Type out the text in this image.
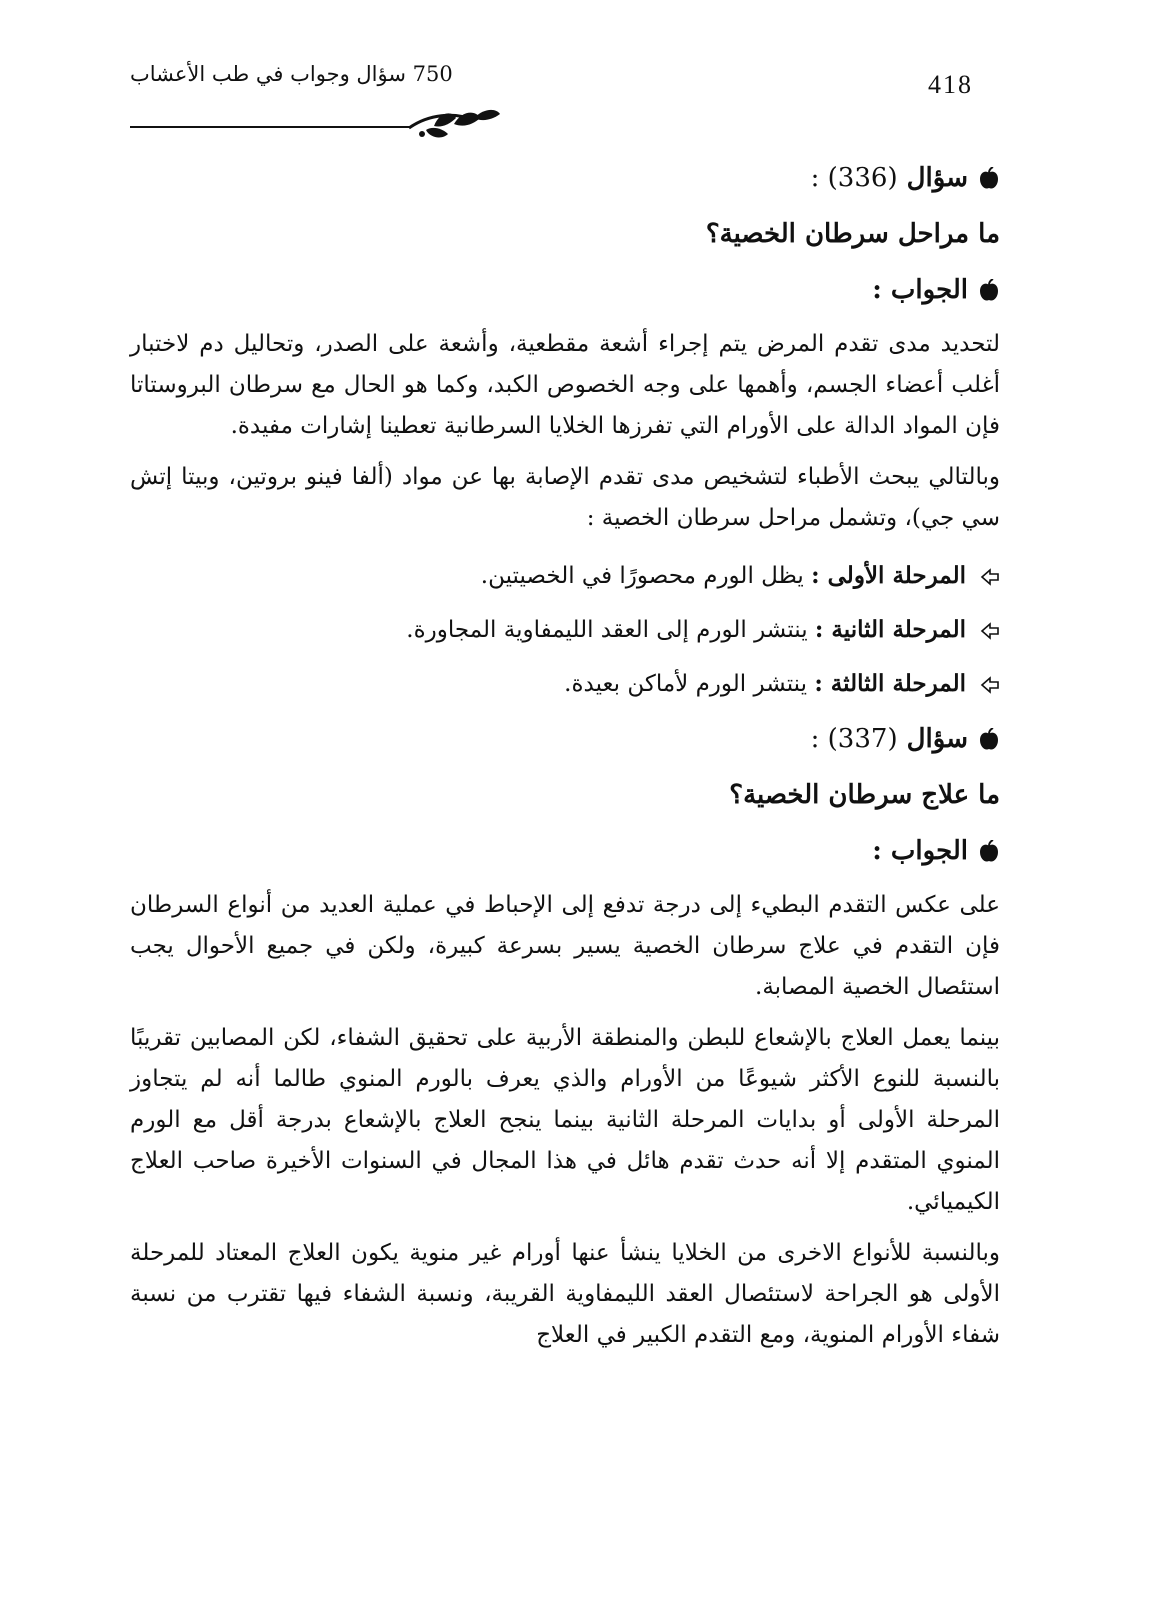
418
750 سؤال وجواب في طب الأعشاب
سؤال (336) :
ما مراحل سرطان الخصية؟
الجواب :
لتحديد مدى تقدم المرض يتم إجراء أشعة مقطعية، وأشعة على الصدر، وتحاليل دم لاختبار أغلب أعضاء الجسم، وأهمها على وجه الخصوص الكبد، وكما هو الحال مع سرطان البروستاتا فإن المواد الدالة على الأورام التي تفرزها الخلايا السرطانية تعطينا إشارات مفيدة.
وبالتالي يبحث الأطباء لتشخيص مدى تقدم الإصابة بها عن مواد (ألفا فينو بروتين، وبيتا إتش سي جي)، وتشمل مراحل سرطان الخصية :
المرحلة الأولى : يظل الورم محصورًا في الخصيتين.
المرحلة الثانية : ينتشر الورم إلى العقد الليمفاوية المجاورة.
المرحلة الثالثة : ينتشر الورم لأماكن بعيدة.
سؤال (337) :
ما علاج سرطان الخصية؟
الجواب :
على عكس التقدم البطيء إلى درجة تدفع إلى الإحباط في عملية العديد من أنواع السرطان فإن التقدم في علاج سرطان الخصية يسير بسرعة كبيرة، ولكن في جميع الأحوال يجب استئصال الخصية المصابة.
بينما يعمل العلاج بالإشعاع للبطن والمنطقة الأربية على تحقيق الشفاء، لكن المصابين تقريبًا بالنسبة للنوع الأكثر شيوعًا من الأورام والذي يعرف بالورم المنوي طالما أنه لم يتجاوز المرحلة الأولى أو بدايات المرحلة الثانية بينما ينجح العلاج بالإشعاع بدرجة أقل مع الورم المنوي المتقدم إلا أنه حدث تقدم هائل في هذا المجال في السنوات الأخيرة صاحب العلاج الكيميائي.
وبالنسبة للأنواع الاخرى من الخلايا ينشأ عنها أورام غير منوية يكون العلاج المعتاد للمرحلة الأولى هو الجراحة لاستئصال العقد الليمفاوية القريبة، ونسبة الشفاء فيها تقترب من نسبة شفاء الأورام المنوية، ومع التقدم الكبير في العلاج
